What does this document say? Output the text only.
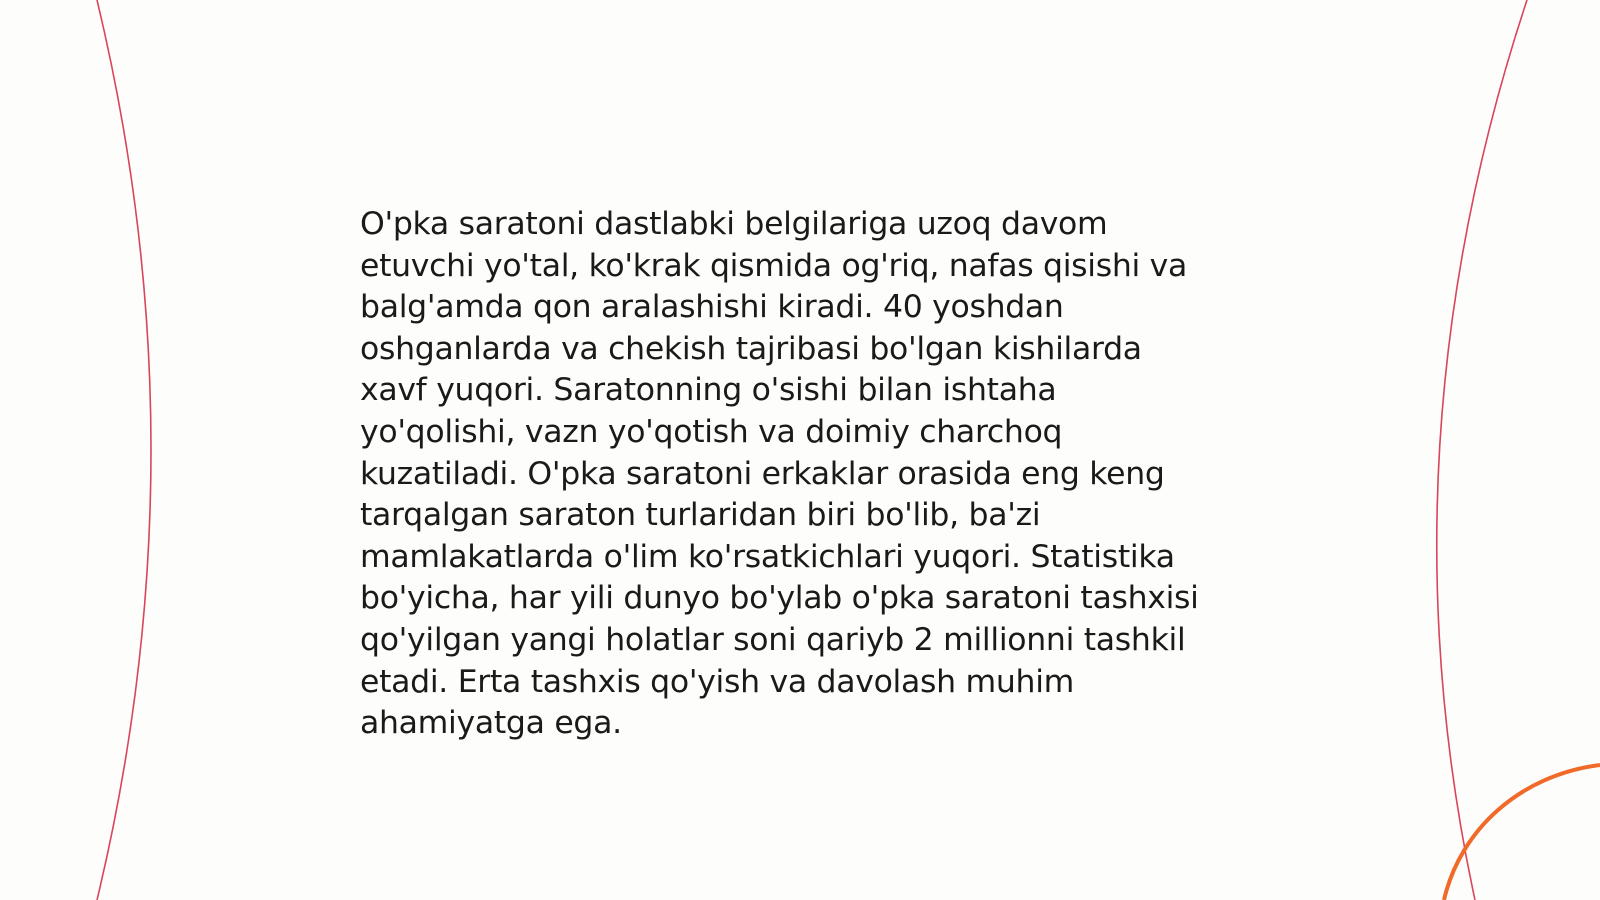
O'pka saratoni dastlabki belgilariga uzoq davom
etuvchi yo'tal, ko'krak qismida og'riq, nafas qisishi va
balg'amda qon aralashishi kiradi. 40 yoshdan
oshganlarda va chekish tajribasi bo'lgan kishilarda
xavf yuqori. Saratonning o'sishi bilan ishtaha
yo'qolishi, vazn yo'qotish va doimiy charchoq
kuzatiladi. O'pka saratoni erkaklar orasida eng keng
tarqalgan saraton turlaridan biri bo'lib, ba'zi
mamlakatlarda o'lim ko'rsatkichlari yuqori. Statistika
bo'yicha, har yili dunyo bo'ylab o'pka saratoni tashxisi
qo'yilgan yangi holatlar soni qariyb 2 millionni tashkil
etadi. Erta tashxis qo'yish va davolash muhim
ahamiyatga ega.
